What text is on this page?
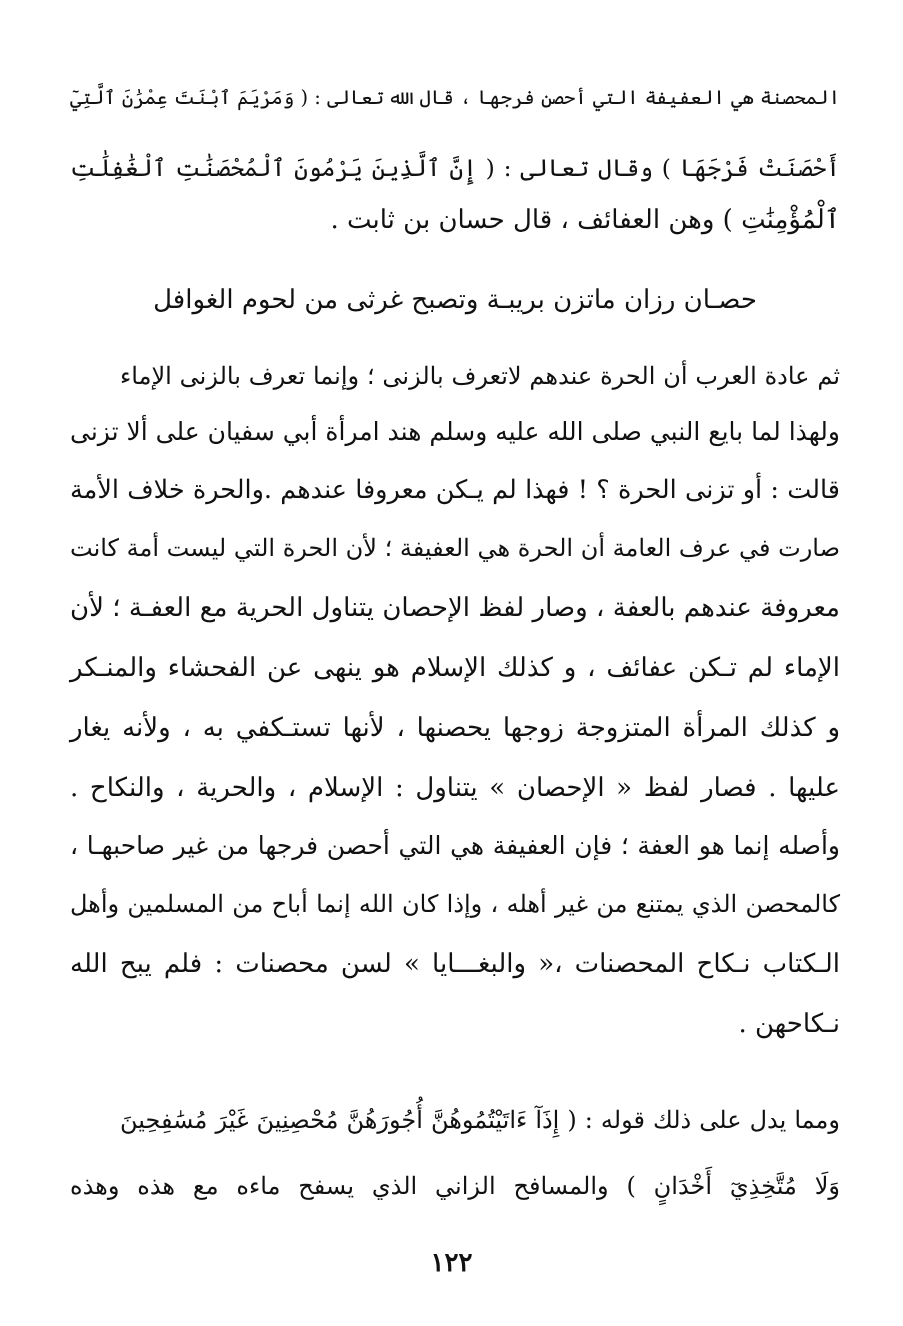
المحصنة هي العفيفة التي أحصن فرجها ، قال الله تعالى : ( وَمَرْيَمَ ٱبْنَتَ عِمْرَٰنَ ٱلَّتِيٓ
أَحْصَنَتْ فَرْجَهَا ) وقال تعالى : ( إِنَّ ٱلَّذِينَ يَرْمُونَ ٱلْمُحْصَنَٰتِ ٱلْغَٰفِلَٰتِ
ٱلْمُؤْمِنَٰتِ ) وهن العفائف ، قال حسان بن ثابت .
حصـان رزان ماتزن بريبـة وتصبح غرثى من لحوم الغوافل
ثم عادة العرب أن الحرة عندهم لاتعرف بالزنى ؛ وإنما تعرف بالزنى الإماء
ولهذا لما بايع النبي صلى الله عليه وسلم هند امرأة أبي سفيان على ألا تزنى
قالت : أو تزنى الحرة ؟ ! فهذا لم يـكن معروفا عندهم .والحرة خلاف الأمة
صارت في عرف العامة أن الحرة هي العفيفة ؛ لأن الحرة التي ليست أمة كانت
معروفة عندهم بالعفة ، وصار لفظ الإحصان يتناول الحرية مع العفـة ؛ لأن
الإماء لم تـكن عفائف ، و كذلك الإسلام هو ينهى عن الفحشاء والمنـكر
و كذلك المرأة المتزوجة زوجها يحصنها ، لأنها تستـكفي به ، ولأنه يغار
عليها . فصار لفظ « الإحصان » يتناول : الإسلام ، والحرية ، والنكاح .
وأصله إنما هو العفة ؛ فإن العفيفة هي التي أحصن فرجها من غير صاحبهـا ،
كالمحصن الذي يمتنع من غير أهله ، وإذا كان الله إنما أباح من المسلمين وأهل
الـكتاب نـكاح المحصنات ،« والبغـــايا » لسن محصنات : فلم يبح الله
نـكاحهن .
ومما يدل على ذلك قوله : ( إِذَآ ءَاتَيْتُمُوهُنَّ أُجُورَهُنَّ مُحْصِنِينَ غَيْرَ مُسَٰفِحِينَ
وَلَا مُتَّخِذِيٓ أَخْدَانٍ ) والمسافح الزاني الذي يسفح ماءه مع هذه وهذه
١٢٢
